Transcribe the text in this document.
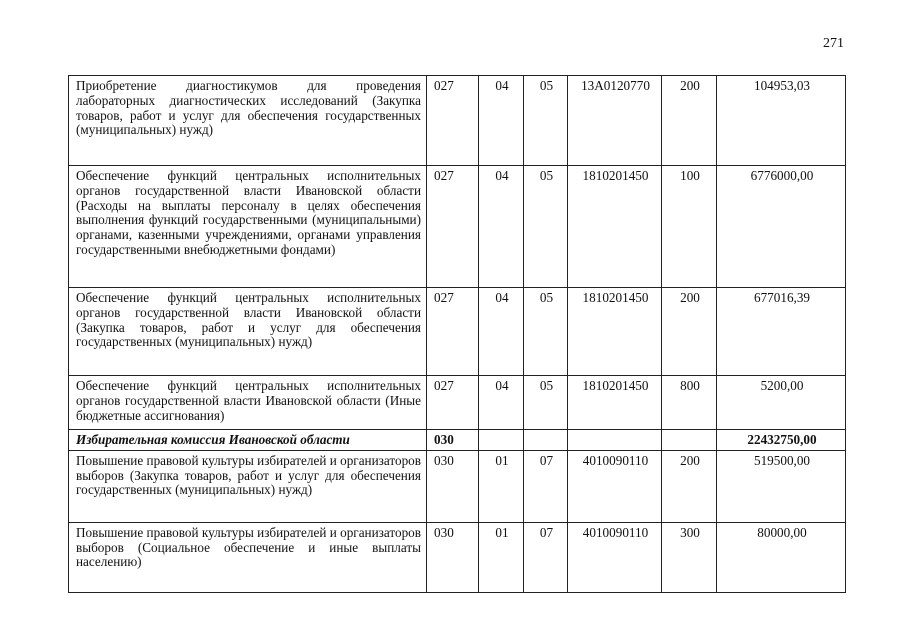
271
Приобретение диагностикумов для проведения лабораторных диагностических исследований (Закупка товаров, работ и услуг для обеспечения государственных (муниципальных) нужд)	027	04	05	13А0120770	200	104953,03
Обеспечение функций центральных исполнительных органов государственной власти Ивановской области (Расходы на выплаты персоналу в целях обеспечения выполнения функций государственными (муниципальными) органами, казенными учреждениями, органами управления государственными внебюджетными фондами)	027	04	05	1810201450	100	6776000,00
Обеспечение функций центральных исполнительных органов государственной власти Ивановской области (Закупка товаров, работ и услуг для обеспечения государственных (муниципальных) нужд)	027	04	05	1810201450	200	677016,39
Обеспечение функций центральных исполнительных органов государственной власти Ивановской области (Иные бюджетные ассигнования)	027	04	05	1810201450	800	5200,00
Избирательная комиссия Ивановской области	030					22432750,00
Повышение правовой культуры избирателей и организаторов выборов (Закупка товаров, работ и услуг для обеспечения государственных (муниципальных) нужд)	030	01	07	4010090110	200	519500,00
Повышение правовой культуры избирателей и организаторов выборов (Социальное обеспечение и иные выплаты населению)	030	01	07	4010090110	300	80000,00
